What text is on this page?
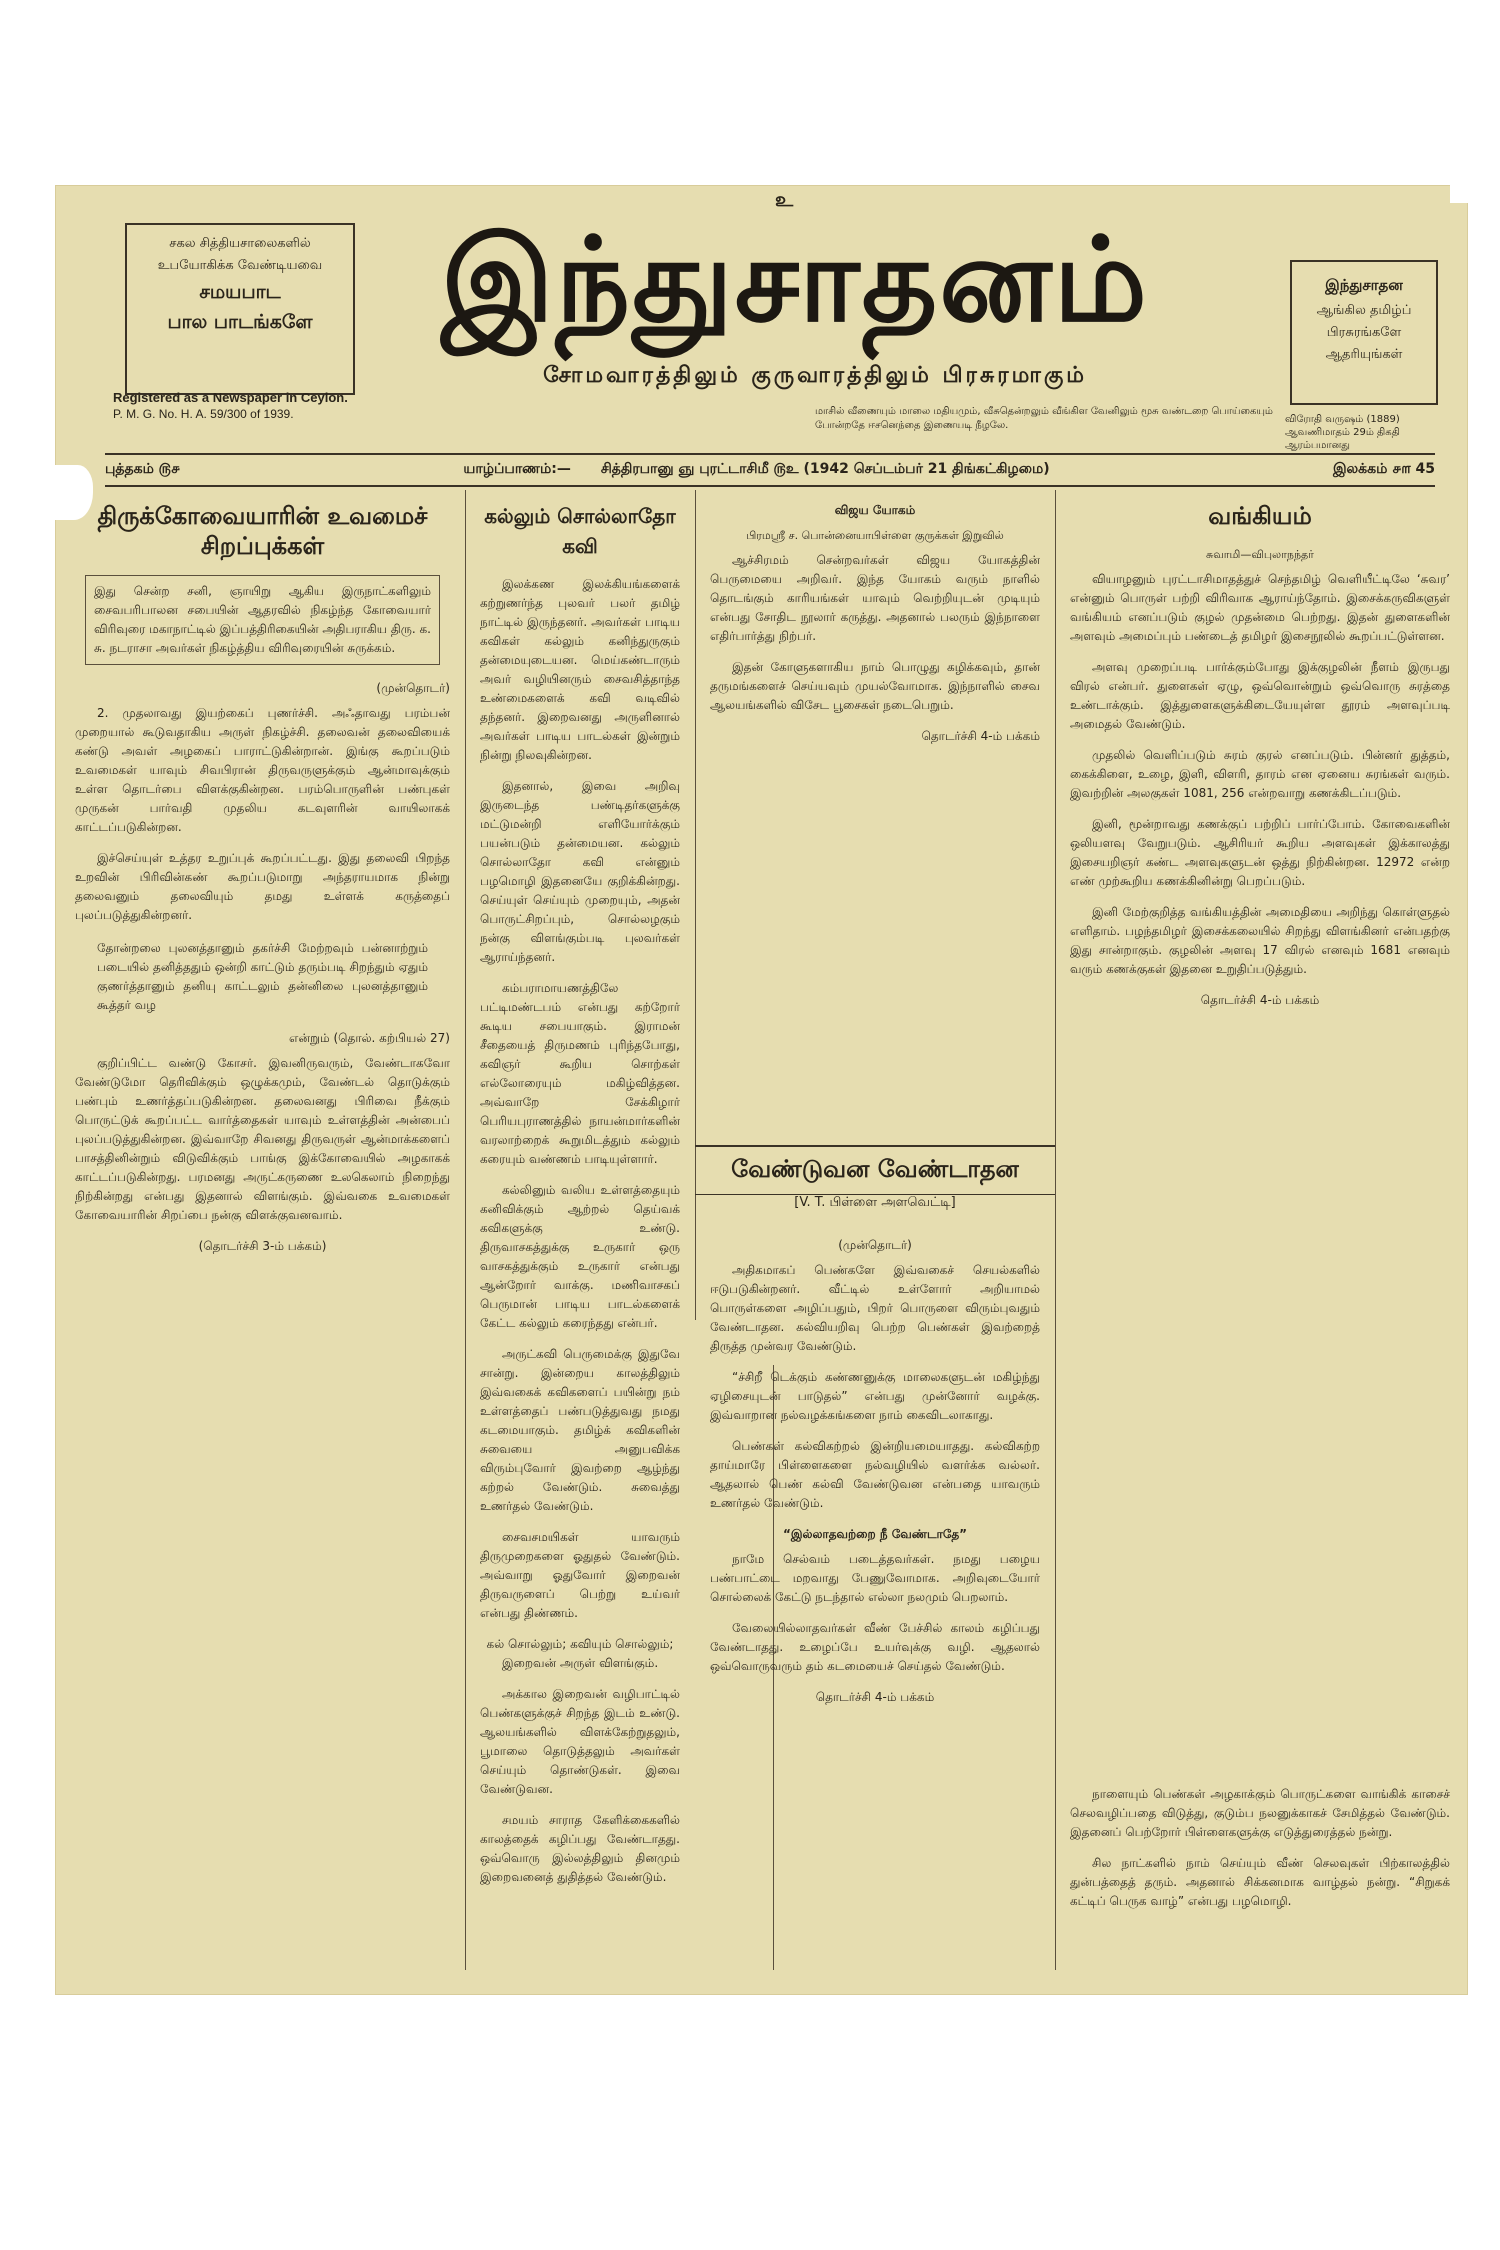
சகல சித்தியசாலைகளில்
உபயோகிக்க வேண்டியவை
சமயபாட
பால பாடங்களே
உ
இந்துசாதனம்
சோமவாரத்திலும் குருவாரத்திலும் பிரசுரமாகும்
இந்துசாதன
ஆங்கில தமிழ்ப்
பிரசுரங்களே
ஆதரியுங்கள்
Registered as a Newspaper in Ceylon.
P. M. G. No. H. A. 59/300 of 1939.	மாசில் வீணையும் மாலை மதியமும், வீசுதென்றலும் வீங்கிள வேனிலும் மூசு வண்டறை பொய்கையும் போன்றதே ஈசனெந்தை இணையடி நீழலே.
விரோதி வருஷம் (1889) ஆவணிமாதம் 29ம் திகதி ஆரம்பமானது
புத்தகம் ௫௪	யாழ்ப்பாணம்:— சித்திரபானு ஞு புரட்டாசிமீ ௫உ (1942 செப்டம்பர் 21 திங்கட்கிழமை)	இலக்கம் ௪௱ 45
திருக்கோவையாரின் உவமைச் சிறப்புக்கள்
இது சென்ற சனி, ஞாயிறு ஆகிய இருநாட்களிலும் சைவபரிபாலன சபையின் ஆதரவில் நிகழ்ந்த கோவையார் விரிவுரை மகாநாட்டில் இப்பத்திரிகையின் அதிபராகிய திரு. க. சு. நடராசா அவர்கள் நிகழ்த்திய விரிவுரையின் சுருக்கம்.
(முன்தொடர்)

2. முதலாவது இயற்கைப் புணர்ச்சி. அஃதாவது பரம்பன் முறையால் கூடுவதாகிய அருள் நிகழ்ச்சி. தலைவன் தலைவியைக் கண்டு அவள் அழகைப் பாராட்டுகின்றான். இங்கு கூறப்படும் உவமைகள் யாவும் சிவபிரான் திருவருளுக்கும் ஆன்மாவுக்கும் உள்ள தொடர்பை விளக்குகின்றன. பரம்பொருளின் பண்புகள் முருகன் பார்வதி முதலிய கடவுளரின் வாயிலாகக் காட்டப்படுகின்றன.

இச்செய்யுள் உத்தர உறுப்புக் கூறப்பட்டது. இது தலைவி பிறந்த உறவின் பிரிவின்கண் கூறப்படுமாறு அந்தராயமாக நின்று தலைவனும் தலைவியும் தமது உள்ளக் கருத்தைப் புலப்படுத்துகின்றனர்.

தோன்றலை புலனத்தானும் தகர்ச்சி மேற்றவும் பன்னாற்றும் படையில் தனித்ததும் ஒன்றி காட்டும் தரும்படி சிறந்தும் ஏதும் குணர்த்தானும் தனியு காட்டலும் தன்னிலை புலனத்தானும் கூத்தர் வழ
என்றும் (தொல். கற்பியல் 27)

குறிப்பிட்ட வண்டு கோசர். இவனிருவரும், வேண்டாகவோ வேண்டுமோ தெரிவிக்கும் ஒழுக்கமும், வேண்டல் தொடுக்கும் பண்பும் உணர்த்தப்படுகின்றன. தலைவனது பிரிவை நீக்கும் பொருட்டுக் கூறப்பட்ட வார்த்தைகள் யாவும் உள்ளத்தின் அன்பைப் புலப்படுத்துகின்றன. இவ்வாறே சிவனது திருவருள் ஆன்மாக்களைப் பாசத்தினின்றும் விடுவிக்கும் பாங்கு இக்கோவையில் அழகாகக் காட்டப்படுகின்றது. பரமனது அருட்கருணை உலகெலாம் நிறைந்து நிற்கின்றது என்பது இதனால் விளங்கும். இவ்வகை உவமைகள் கோவையாரின் சிறப்பை நன்கு விளக்குவனவாம்.

(தொடர்ச்சி 3-ம் பக்கம்)
கல்லும் சொல்லாதோ கவி

இலக்கண இலக்கியங்களைக் கற்றுணர்ந்த புலவர் பலர் தமிழ் நாட்டில் இருந்தனர். அவர்கள் பாடிய கவிகள் கல்லும் கனிந்துருகும் தன்மையுடையன. மெய்கண்டாரும் அவர் வழியினரும் சைவசித்தாந்த உண்மைகளைக் கவி வடிவில் தந்தனர். இறைவனது அருளினால் அவர்கள் பாடிய பாடல்கள் இன்றும் நின்று நிலவுகின்றன.

இதனால், இவை அறிவு இருடைந்த பண்டிதர்களுக்கு மட்டுமன்றி எளியோர்க்கும் பயன்படும் தன்மையன. கல்லும் சொல்லாதோ கவி என்னும் பழமொழி இதனையே குறிக்கின்றது. செய்யுள் செய்யும் முறையும், அதன் பொருட்சிறப்பும், சொல்லழகும் நன்கு விளங்கும்படி புலவர்கள் ஆராய்ந்தனர்.

கம்பராமாயணத்திலே பட்டிமண்டபம் என்பது கற்றோர் கூடிய சபையாகும். இராமன் சீதையைத் திருமணம் புரிந்தபோது, கவிஞர் கூறிய சொற்கள் எல்லோரையும் மகிழ்வித்தன. அவ்வாறே சேக்கிழார் பெரியபுராணத்தில் நாயன்மார்களின் வரலாற்றைக் கூறுமிடத்தும் கல்லும் கரையும் வண்ணம் பாடியுள்ளார்.

கல்லினும் வலிய உள்ளத்தையும் கனிவிக்கும் ஆற்றல் தெய்வக் கவிகளுக்கு உண்டு. திருவாசகத்துக்கு உருகார் ஒரு வாசகத்துக்கும் உருகார் என்பது ஆன்றோர் வாக்கு. மணிவாசகப் பெருமான் பாடிய பாடல்களைக் கேட்ட கல்லும் கரைந்தது என்பர்.

விஜய யோகம்
பிரமஸ்ரீ ச. பொன்னையாபிள்ளை குருக்கள் இறுவில்

ஆச்சிரமம் சென்றவர்கள் விஜய யோகத்தின் பெருமையை அறிவர். இந்த யோகம் வரும் நாளில் தொடங்கும் காரியங்கள் யாவும் வெற்றியுடன் முடியும் என்பது சோதிட நூலார் கருத்து. அதனால் பலரும் இந்நாளை எதிர்பார்த்து நிற்பர்.

இதன் கோளுகளாகிய நாம் பொழுது கழிக்கவும், தான் தருமங்களைச் செய்யவும் முயல்வோமாக. இந்நாளில் சைவ ஆலயங்களில் விசேட பூசைகள் நடைபெறும்.

தொடர்ச்சி 4-ம் பக்கம்
வங்கியம்
சுவாமி—விபுலாநந்தர்

வியாழனும் புரட்டாசிமாதத்துச் செந்தமிழ் வெளியீட்டிலே ‘சுவர’ என்னும் பொருள் பற்றி விரிவாக ஆராய்ந்தோம். இசைக்கருவிகளுள் வங்கியம் எனப்படும் குழல் முதன்மை பெற்றது. இதன் துளைகளின் அளவும் அமைப்பும் பண்டைத் தமிழர் இசைநூலில் கூறப்பட்டுள்ளன.

அளவு முறைப்படி பார்க்கும்போது இக்குழலின் நீளம் இருபது விரல் என்பர். துளைகள் ஏழு, ஒவ்வொன்றும் ஒவ்வொரு சுரத்தை உண்டாக்கும். இத்துளைகளுக்கிடையேயுள்ள தூரம் அளவுப்படி அமைதல் வேண்டும்.

முதலில் வெளிப்படும் சுரம் குரல் எனப்படும். பின்னர் துத்தம், கைக்கிளை, உழை, இளி, விளரி, தாரம் என ஏனைய சுரங்கள் வரும். இவற்றின் அலகுகள் 1081, 256 என்றவாறு கணக்கிடப்படும்.

இனி, மூன்றாவது கணக்குப் பற்றிப் பார்ப்போம். கோவைகளின் ஒலியளவு வேறுபடும். ஆசிரியர் கூறிய அளவுகள் இக்காலத்து இசையறிஞர் கண்ட அளவுகளுடன் ஒத்து நிற்கின்றன. 12972 என்ற எண் முற்கூறிய கணக்கினின்று பெறப்படும்.

இனி மேற்குறித்த வங்கியத்தின் அமைதியை அறிந்து கொள்ளுதல் எளிதாம். பழந்தமிழர் இசைக்கலையில் சிறந்து விளங்கினர் என்பதற்கு இது சான்றாகும். குழலின் அளவு 17 விரல் எனவும் 1681 எனவும் வரும் கணக்குகள் இதனை உறுதிப்படுத்தும்.

தொடர்ச்சி 4-ம் பக்கம்

அருட்கவி பெருமைக்கு இதுவே சான்று. இன்றைய காலத்திலும் இவ்வகைக் கவிகளைப் பயின்று நம் உள்ளத்தைப் பண்படுத்துவது நமது கடமையாகும். தமிழ்க் கவிகளின் சுவையை அனுபவிக்க விரும்புவோர் இவற்றை ஆழ்ந்து கற்றல் வேண்டும். சுவைத்து உணர்தல் வேண்டும்.

சைவசமயிகள் யாவரும் திருமுறைகளை ஓதுதல் வேண்டும். அவ்வாறு ஓதுவோர் இறைவன் திருவருளைப் பெற்று உய்வர் என்பது திண்ணம்.

கல் சொல்லும்; கவியும் சொல்லும்; இறைவன் அருள் விளங்கும்.
வேண்டுவன வேண்டாதன
[V. T. பிள்ளை அளவெட்டி]
(முன்தொடர்)

அதிகமாகப் பெண்களே இவ்வகைச் செயல்களில் ஈடுபடுகின்றனர். வீட்டில் உள்ளோர் அறியாமல் பொருள்களை அழிப்பதும், பிறர் பொருளை விரும்புவதும் வேண்டாதன. கல்வியறிவு பெற்ற பெண்கள் இவற்றைத் திருத்த முன்வர வேண்டும்.

“ச்சிறீ டெக்கும் கண்ணனுக்கு மாலைகளுடன் மகிழ்ந்து ஏழிசையுடன் பாடுதல்” என்பது முன்னோர் வழக்கு. இவ்வாறான நல்வழக்கங்களை நாம் கைவிடலாகாது.

பெண்கள் கல்விகற்றல் இன்றியமையாதது. கல்விகற்ற தாய்மாரே பிள்ளைகளை நல்வழியில் வளர்க்க வல்லர். ஆதலால் பெண் கல்வி வேண்டுவன என்பதை யாவரும் உணர்தல் வேண்டும்.

“இல்லாதவற்றை நீ வேண்டாதே”

நாமே செல்வம் படைத்தவர்கள். நமது பழைய பண்பாட்டை மறவாது பேணுவோமாக. அறிவுடையோர் சொல்லைக் கேட்டு நடந்தால் எல்லா நலமும் பெறலாம்.

வேலையில்லாதவர்கள் வீண் பேச்சில் காலம் கழிப்பது வேண்டாதது. உழைப்பே உயர்வுக்கு வழி. ஆதலால் ஒவ்வொருவரும் தம் கடமையைச் செய்தல் வேண்டும்.

தொடர்ச்சி 4-ம் பக்கம்

நாளையும் பெண்கள் அழகாக்கும் பொருட்களை வாங்கிக் காசைச் செலவழிப்பதை விடுத்து, குடும்ப நலனுக்காகச் சேமித்தல் வேண்டும். இதனைப் பெற்றோர் பிள்ளைகளுக்கு எடுத்துரைத்தல் நன்று.

சில நாட்களில் நாம் செய்யும் வீண் செலவுகள் பிற்காலத்தில் துன்பத்தைத் தரும். அதனால் சிக்கனமாக வாழ்தல் நன்று. “சிறுகக் கட்டிப் பெருக வாழ்” என்பது பழமொழி.

அக்கால இறைவன் வழிபாட்டில் பெண்களுக்குச் சிறந்த இடம் உண்டு. ஆலயங்களில் விளக்கேற்றுதலும், பூமாலை தொடுத்தலும் அவர்கள் செய்யும் தொண்டுகள். இவை வேண்டுவன.

சமயம் சாராத கேளிக்கைகளில் காலத்தைக் கழிப்பது வேண்டாதது. ஒவ்வொரு இல்லத்திலும் தினமும் இறைவனைத் துதித்தல் வேண்டும்.
